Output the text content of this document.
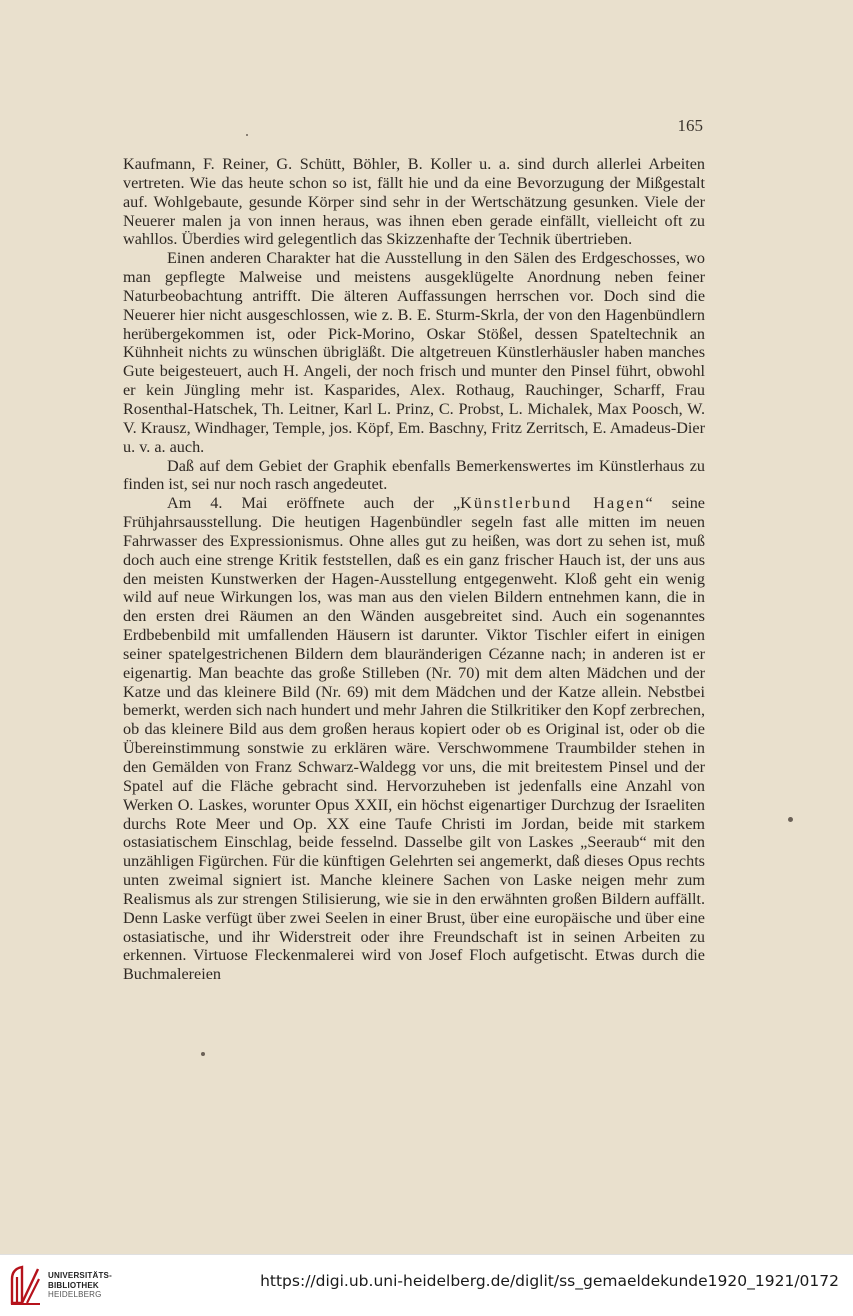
165

Kaufmann, F. Reiner, G. Schütt, Böhler, B. Koller u. a. sind durch allerlei Arbeiten vertreten. Wie das heute schon so ist, fällt hie und da eine Bevorzugung der Mißgestalt auf. Wohlgebaute, gesunde Körper sind sehr in der Wertschätzung gesunken. Viele der Neuerer malen ja von innen heraus, was ihnen eben gerade einfällt, vielleicht oft zu wahllos. Überdies wird gelegentlich das Skizzenhafte der Technik übertrieben.

Einen anderen Charakter hat die Ausstellung in den Sälen des Erdgeschosses, wo man gepflegte Malweise und meistens ausgeklügelte Anordnung neben feiner Naturbeobachtung antrifft. Die älteren Auffassungen herrschen vor. Doch sind die Neuerer hier nicht ausgeschlossen, wie z. B. E. Sturm-Skrla, der von den Hagenbündlern herübergekommen ist, oder Pick-Morino, Oskar Stößel, dessen Spateltechnik an Kühnheit nichts zu wünschen übrigläßt. Die altgetreuen Künstlerhäusler haben manches Gute beigesteuert, auch H. Angeli, der noch frisch und munter den Pinsel führt, obwohl er kein Jüngling mehr ist. Kasparides, Alex. Rothaug, Rauchinger, Scharff, Frau Rosenthal-Hatschek, Th. Leitner, Karl L. Prinz, C. Probst, L. Michalek, Max Poosch, W. V. Krausz, Windhager, Temple, jos. Köpf, Em. Baschny, Fritz Zerritsch, E. Amadeus-Dier u. v. a. auch.

Daß auf dem Gebiet der Graphik ebenfalls Bemerkenswertes im Künstlerhaus zu finden ist, sei nur noch rasch angedeutet.

Am 4. Mai eröffnete auch der „Künstlerbund Hagen“ seine Frühjahrsausstellung. Die heutigen Hagenbündler segeln fast alle mitten im neuen Fahrwasser des Expressionismus. Ohne alles gut zu heißen, was dort zu sehen ist, muß doch auch eine strenge Kritik feststellen, daß es ein ganz frischer Hauch ist, der uns aus den meisten Kunstwerken der Hagen-Ausstellung entgegenweht. Kloß geht ein wenig wild auf neue Wirkungen los, was man aus den vielen Bildern entnehmen kann, die in den ersten drei Räumen an den Wänden ausgebreitet sind. Auch ein sogenanntes Erdbebenbild mit umfallenden Häusern ist darunter. Viktor Tischler eifert in einigen seiner spatelgestrichenen Bildern dem blauränderigen Cézanne nach; in anderen ist er eigenartig. Man beachte das große Stilleben (Nr. 70) mit dem alten Mädchen und der Katze und das kleinere Bild (Nr. 69) mit dem Mädchen und der Katze allein. Nebstbei bemerkt, werden sich nach hundert und mehr Jahren die Stilkritiker den Kopf zerbrechen, ob das kleinere Bild aus dem großen heraus kopiert oder ob es Original ist, oder ob die Übereinstimmung sonstwie zu erklären wäre. Verschwommene Traumbilder stehen in den Gemälden von Franz Schwarz-Waldegg vor uns, die mit breitestem Pinsel und der Spatel auf die Fläche gebracht sind. Hervorzuheben ist jedenfalls eine Anzahl von Werken O. Laskes, worunter Opus XXII, ein höchst eigenartiger Durchzug der Israeliten durchs Rote Meer und Op. XX eine Taufe Christi im Jordan, beide mit starkem ostasiatischem Einschlag, beide fesselnd. Dasselbe gilt von Laskes „Seeraub“ mit den unzähligen Figürchen. Für die künftigen Gelehrten sei angemerkt, daß dieses Opus rechts unten zweimal signiert ist. Manche kleinere Sachen von Laske neigen mehr zum Realismus als zur strengen Stilisierung, wie sie in den erwähnten großen Bildern auffällt. Denn Laske verfügt über zwei Seelen in einer Brust, über eine europäische und über eine ostasiatische, und ihr Widerstreit oder ihre Freundschaft ist in seinen Arbeiten zu erkennen. Virtuose Fleckenmalerei wird von Josef Floch aufgetischt. Etwas durch die Buchmalereien

UNIVERSITÄTS-
BIBLIOTHEK
HEIDELBERG
https://digi.ub.uni-heidelberg.de/diglit/ss_gemaeldekunde1920_1921/0172
